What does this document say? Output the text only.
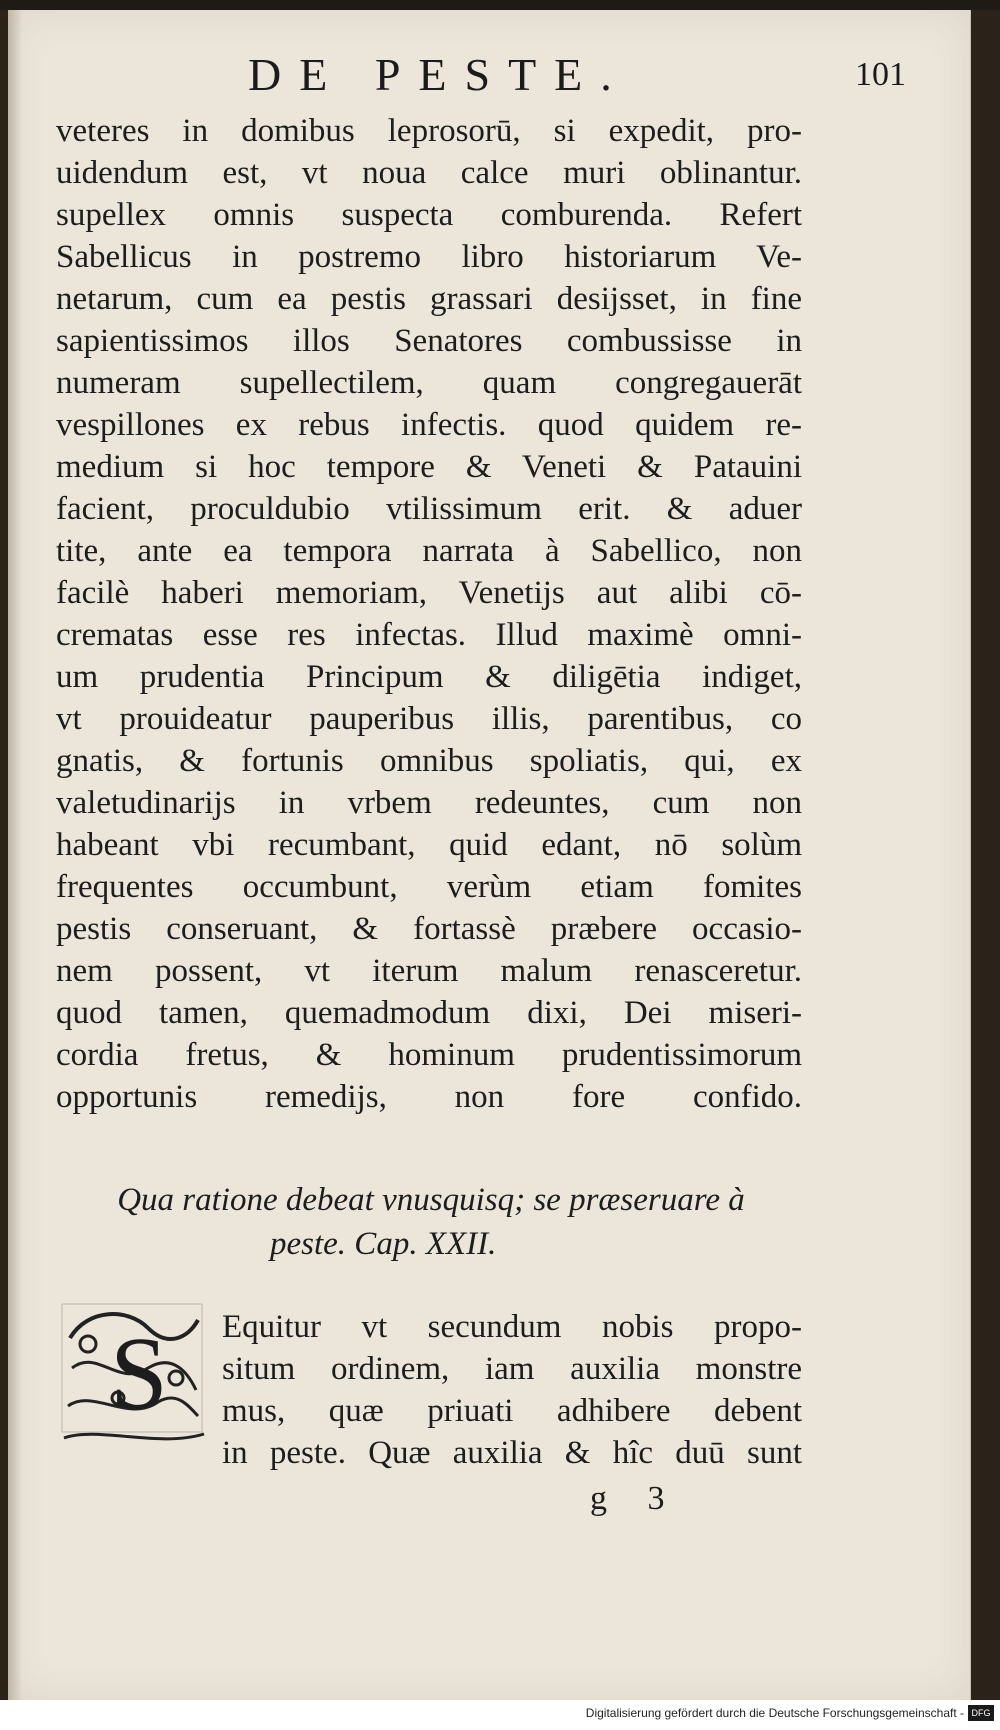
DE PESTE.	101
veteres in domibus leprosorū, si expedit, pro-
uidendum est, vt noua calce muri oblinantur.
supellex omnis suspecta comburenda. Refert
Sabellicus in postremo libro historiarum Ve-
netarum, cum ea pestis grassari desijsset, in fine
sapientissimos illos Senatores combussisse in
numeram supellectilem, quam congregauerāt
vespillones ex rebus infectis. quod quidem re-
medium si hoc tempore & Veneti & Patauini
facient, proculdubio vtilissimum erit. & aduer
tite, ante ea tempora narrata à Sabellico, non
facilè haberi memoriam, Venetijs aut alibi cō-
crematas esse res infectas. Illud maximè omni-
um prudentia Principum & diligētia indiget,
vt prouideatur pauperibus illis, parentibus, co
gnatis, & fortunis omnibus spoliatis, qui, ex
valetudinarijs in vrbem redeuntes, cum non
habeant vbi recumbant, quid edant, nō solùm
frequentes occumbunt, verùm etiam fomites
pestis conseruant, & fortassè præbere occasio-
nem possent, vt iterum malum renasceretur.
quod tamen, quemadmodum dixi, Dei miseri-
cordia fretus, & hominum prudentissimorum
opportunis remedijs, non fore confido.
Qua ratione debeat vnusquisq; se præseruare à
peste. Cap. XXII.
S Equitur vt secundum nobis propo-
situm ordinem, iam auxilia monstre
mus, quæ priuati adhibere debent
in peste. Quæ auxilia & hîc duū sunt
g 3
Digitalisierung gefördert durch die Deutsche Forschungsgemeinschaft - DFG
